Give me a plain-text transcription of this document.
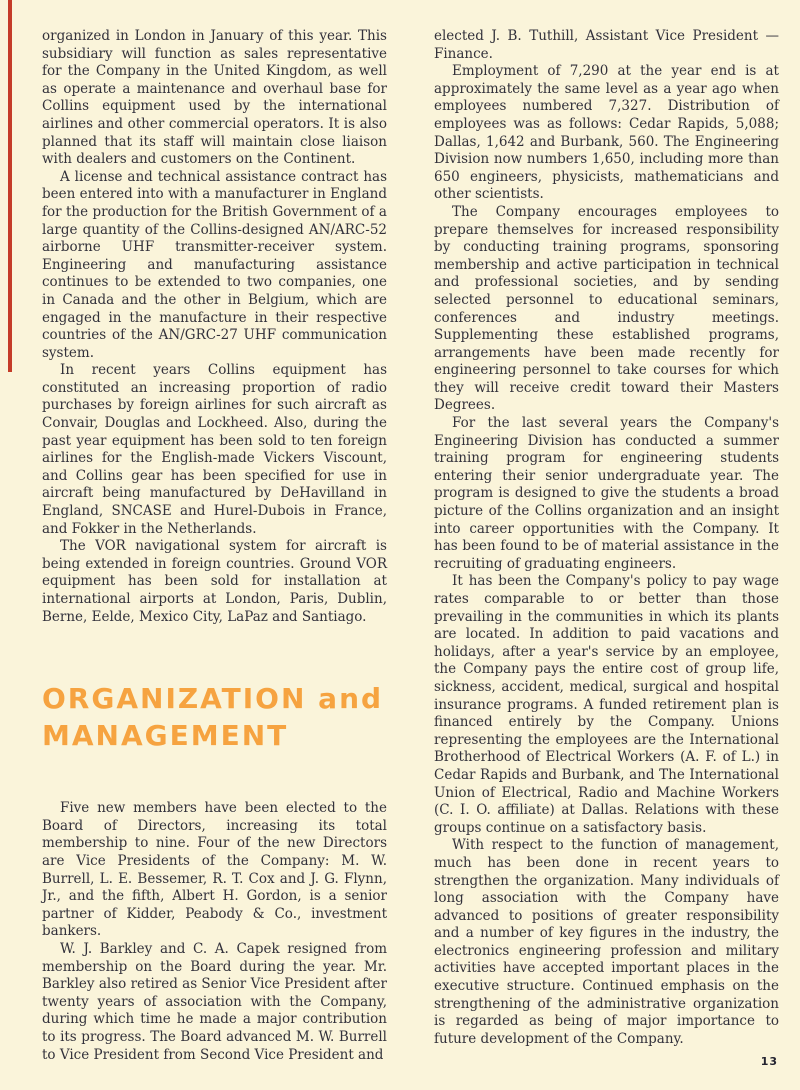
organized in London in January of this year. This subsidiary will function as sales representative for the Company in the United Kingdom, as well as operate a maintenance and overhaul base for Collins equipment used by the international airlines and other commercial operators. It is also planned that its staff will maintain close liaison with dealers and customers on the Continent.

A license and technical assistance contract has been entered into with a manufacturer in England for the production for the British Government of a large quantity of the Collins-designed AN/ARC-52 airborne UHF transmitter-receiver system. Engineering and manufacturing assistance continues to be extended to two companies, one in Canada and the other in Belgium, which are engaged in the manufacture in their respective countries of the AN/GRC-27 UHF communication system.

In recent years Collins equipment has constituted an increasing proportion of radio purchases by foreign airlines for such aircraft as Convair, Douglas and Lockheed. Also, during the past year equipment has been sold to ten foreign airlines for the English-made Vickers Viscount, and Collins gear has been specified for use in aircraft being manufactured by DeHavilland in England, SNCASE and Hurel-Dubois in France, and Fokker in the Netherlands.

The VOR navigational system for aircraft is being extended in foreign countries. Ground VOR equipment has been sold for installation at international airports at London, Paris, Dublin, Berne, Eelde, Mexico City, LaPaz and Santiago.

ORGANIZATION and
MANAGEMENT

Five new members have been elected to the Board of Directors, increasing its total membership to nine. Four of the new Directors are Vice Presidents of the Company: M. W. Burrell, L. E. Bessemer, R. T. Cox and J. G. Flynn, Jr., and the fifth, Albert H. Gordon, is a senior partner of Kidder, Peabody & Co., investment bankers.

W. J. Barkley and C. A. Capek resigned from membership on the Board during the year. Mr. Barkley also retired as Senior Vice President after twenty years of association with the Company, during which time he made a major contribution to its progress. The Board advanced M. W. Burrell to Vice President from Second Vice President and

elected J. B. Tuthill, Assistant Vice President — Finance.

Employment of 7,290 at the year end is at approximately the same level as a year ago when employees numbered 7,327. Distribution of employees was as follows: Cedar Rapids, 5,088; Dallas, 1,642 and Burbank, 560. The Engineering Division now numbers 1,650, including more than 650 engineers, physicists, mathematicians and other scientists.

The Company encourages employees to prepare themselves for increased responsibility by conducting training programs, sponsoring membership and active participation in technical and professional societies, and by sending selected personnel to educational seminars, conferences and industry meetings. Supplementing these established programs, arrangements have been made recently for engineering personnel to take courses for which they will receive credit toward their Masters Degrees.

For the last several years the Company's Engineering Division has conducted a summer training program for engineering students entering their senior undergraduate year. The program is designed to give the students a broad picture of the Collins organization and an insight into career opportunities with the Company. It has been found to be of material assistance in the recruiting of graduating engineers.

It has been the Company's policy to pay wage rates comparable to or better than those prevailing in the communities in which its plants are located. In addition to paid vacations and holidays, after a year's service by an employee, the Company pays the entire cost of group life, sickness, accident, medical, surgical and hospital insurance programs. A funded retirement plan is financed entirely by the Company. Unions representing the employees are the International Brotherhood of Electrical Workers (A. F. of L.) in Cedar Rapids and Burbank, and The International Union of Electrical, Radio and Machine Workers (C. I. O. affiliate) at Dallas. Relations with these groups continue on a satisfactory basis.

With respect to the function of management, much has been done in recent years to strengthen the organization. Many individuals of long association with the Company have advanced to positions of greater responsibility and a number of key figures in the industry, the electronics engineering profession and military activities have accepted important places in the executive structure. Continued emphasis on the strengthening of the administrative organization is regarded as being of major importance to future development of the Company.

13
